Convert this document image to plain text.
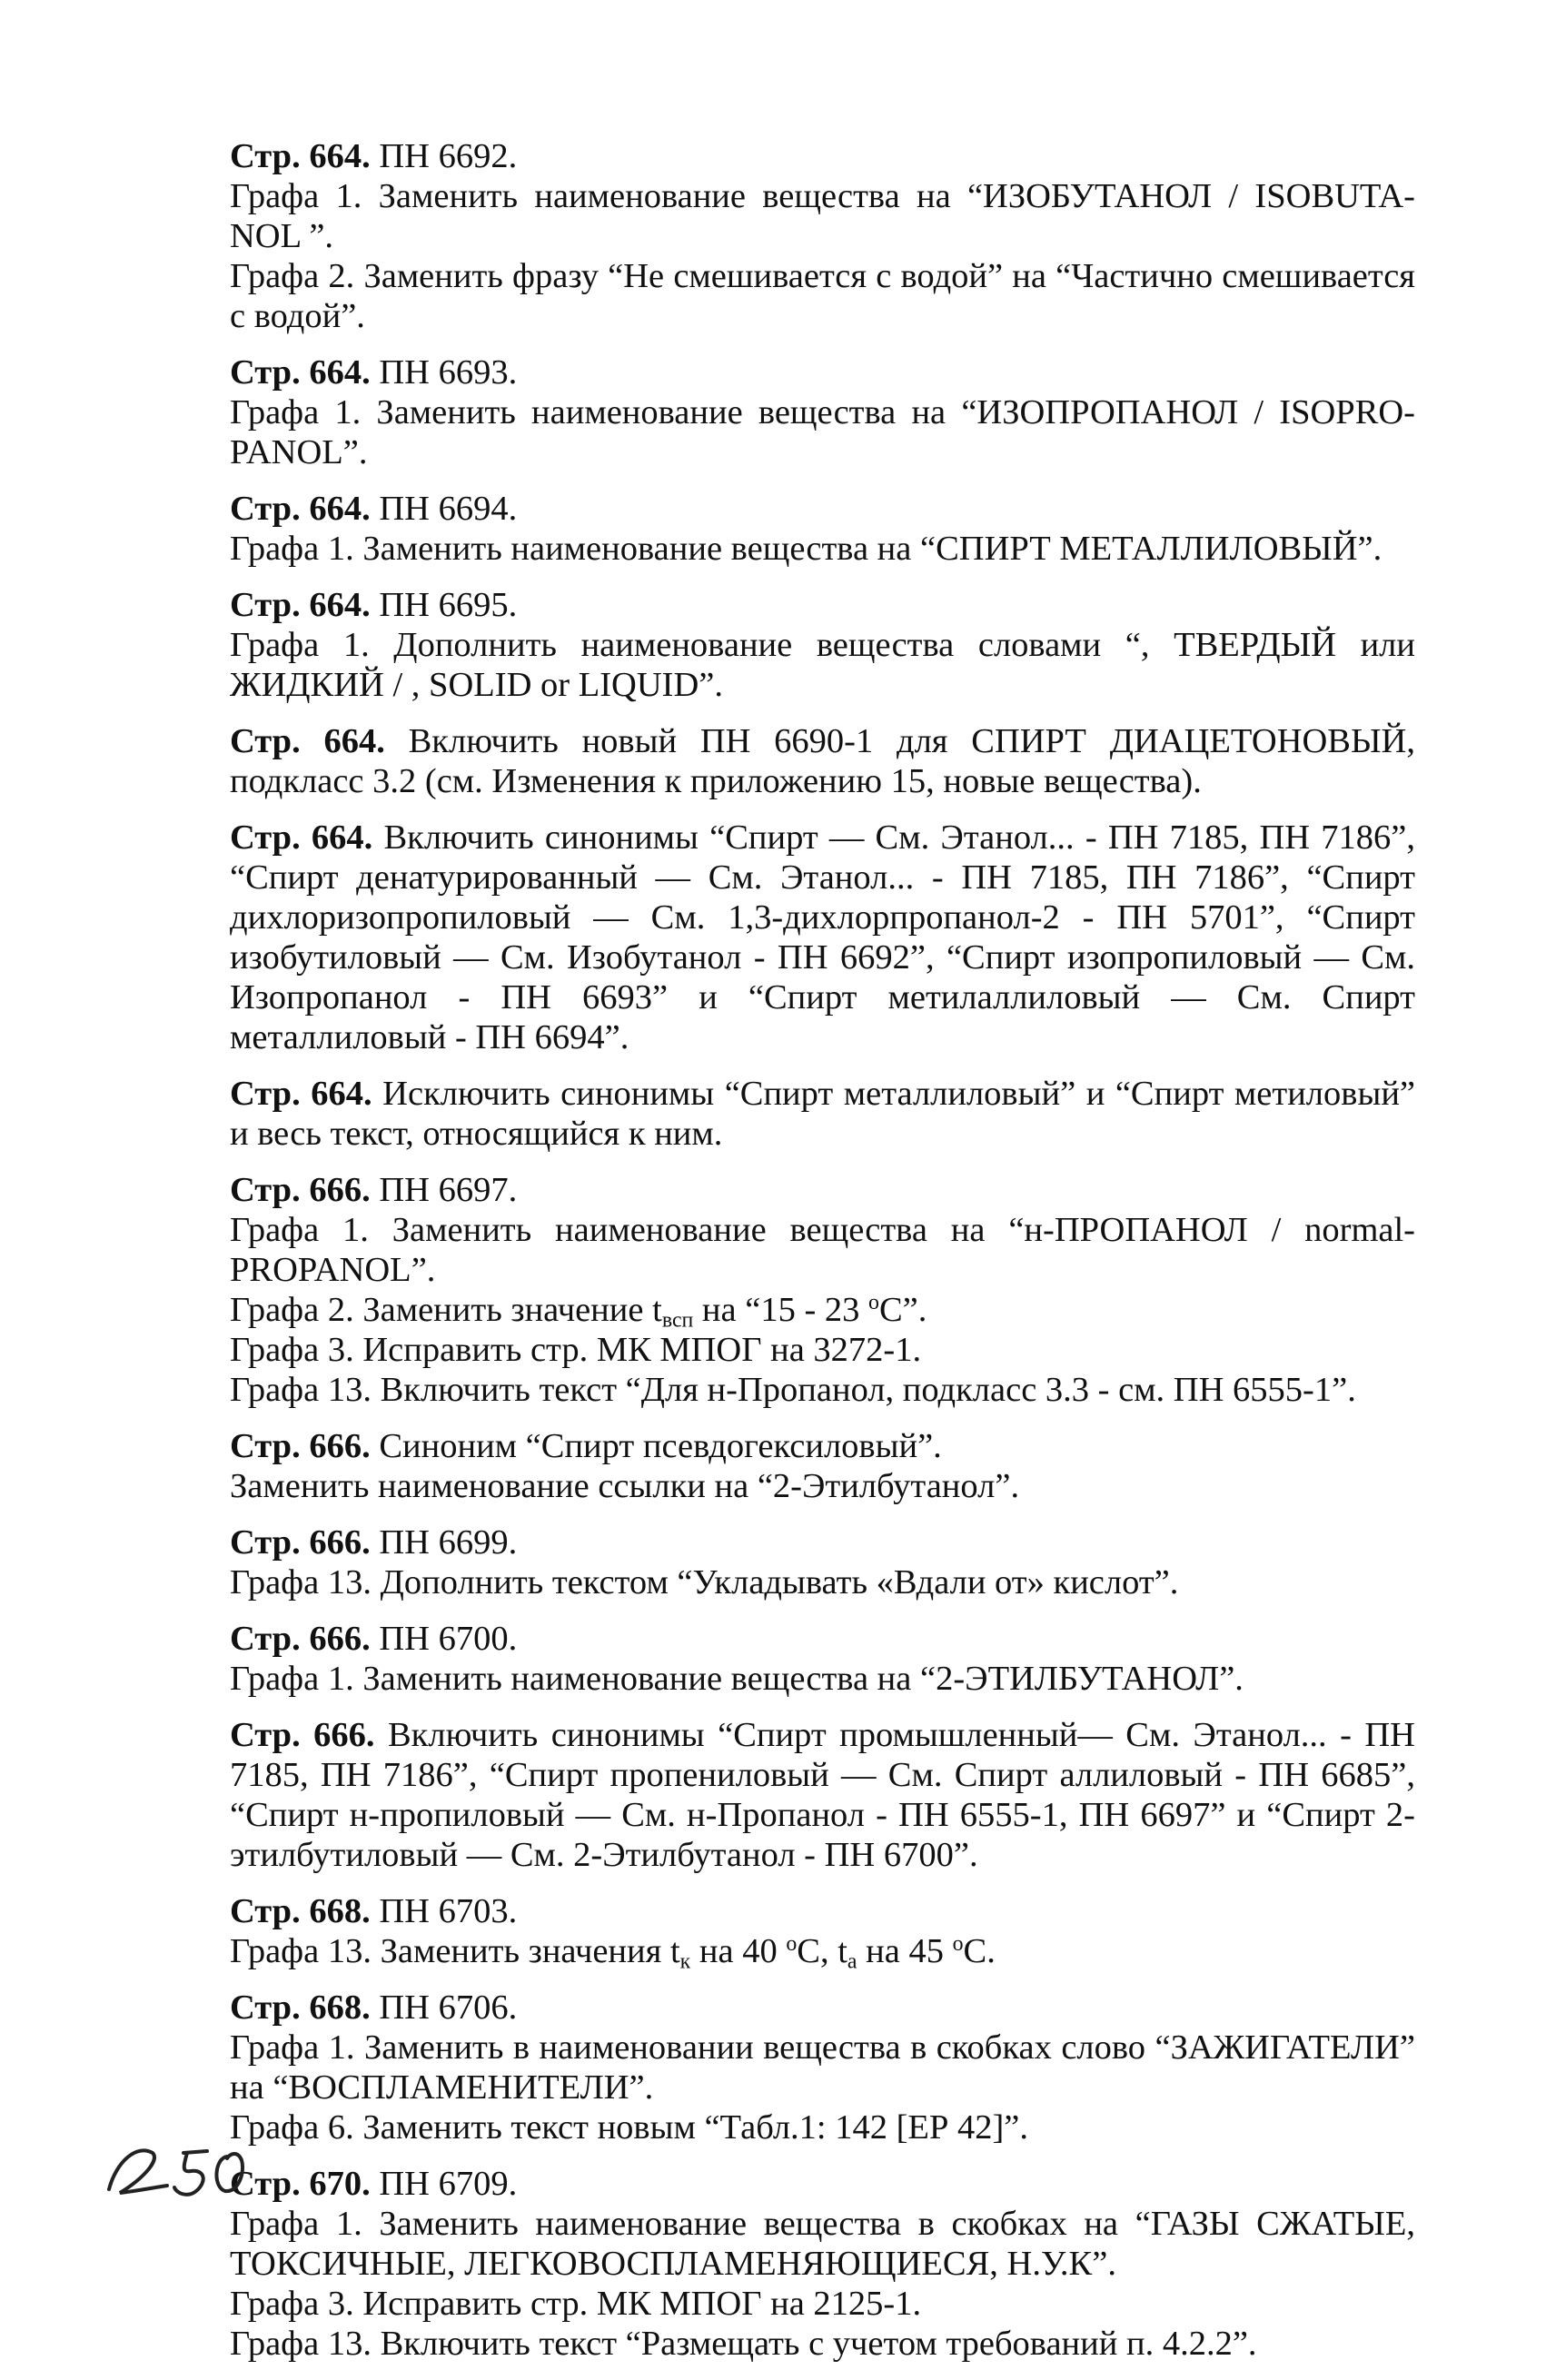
Стр. 664. ПН 6692.
Графа 1. Заменить наименование вещества на “ИЗОБУТАНОЛ / ISOBUTA-NOL ”.
Графа 2. Заменить фразу “Не смешивается с водой” на “Частично смешивается с водой”.
Стр. 664. ПН 6693.
Графа 1. Заменить наименование вещества на “ИЗОПРОПАНОЛ / ISOPRO-PANOL”.
Стр. 664. ПН 6694.
Графа 1. Заменить наименование вещества на “СПИРТ МЕТАЛЛИЛОВЫЙ”.
Стр. 664. ПН 6695.
Графа 1. Дополнить наименование вещества словами “, ТВЕРДЫЙ или ЖИДКИЙ / , SOLID or LIQUID”.
Стр. 664. Включить новый ПН 6690-1 для СПИРТ ДИАЦЕТОНОВЫЙ, подкласс 3.2 (см. Изменения к приложению 15, новые вещества).
Стр. 664. Включить синонимы “Спирт — См. Этанол... - ПН 7185, ПН 7186”, “Спирт денатурированный — См. Этанол... - ПН 7185, ПН 7186”, “Спирт дихлоризопропиловый — См. 1,3-дихлорпропанол-2 - ПН 5701”, “Спирт изобутиловый — См. Изобутанол - ПН 6692”, “Спирт изопропиловый — См. Изопропанол - ПН 6693” и “Спирт метилаллиловый — См. Спирт металлиловый - ПН 6694”.
Стр. 664. Исключить синонимы “Спирт металлиловый” и “Спирт метиловый” и весь текст, относящийся к ним.
Стр. 666. ПН 6697.
Графа 1. Заменить наименование вещества на “н-ПРОПАНОЛ / normal-PROPANOL”.
Графа 2. Заменить значение $t_{всп}$ на “15 - 23 $^o$С”.
Графа 3. Исправить стр. МК МПОГ на 3272-1.
Графа 13. Включить текст “Для н-Пропанол, подкласс 3.3 - см. ПН 6555-1”.
Стр. 666. Синоним “Спирт псевдогексиловый”.
Заменить наименование ссылки на “2-Этилбутанол”.
Стр. 666. ПН 6699.
Графа 13. Дополнить текстом “Укладывать «Вдали от» кислот”.
Стр. 666. ПН 6700.
Графа 1. Заменить наименование вещества на “2-ЭТИЛБУТАНОЛ”.
Стр. 666. Включить синонимы “Спирт промышленный— См. Этанол... - ПН 7185, ПН 7186”, “Спирт пропениловый — См. Спирт аллиловый - ПН 6685”, “Спирт н-пропиловый — См. н-Пропанол - ПН 6555-1, ПН 6697” и “Спирт 2-этилбутиловый — См. 2-Этилбутанол - ПН 6700”.
Стр. 668. ПН 6703.
Графа 13. Заменить значения $t_к$ на 40 $^o$С, $t_a$ на 45 $^o$С.
Стр. 668. ПН 6706.
Графа 1. Заменить в наименовании вещества в скобках слово “ЗАЖИГАТЕЛИ” на “ВОСПЛАМЕНИТЕЛИ”.
Графа 6. Заменить текст новым “Табл.1: 142 [ЕР 42]”.
Стр. 670. ПН 6709.
Графа 1. Заменить наименование вещества в скобках на “ГАЗЫ СЖАТЫЕ, ТОКСИЧНЫЕ, ЛЕГКОВОСПЛАМЕНЯЮЩИЕСЯ, Н.У.К”.
Графа 3. Исправить стр. МК МПОГ на 2125-1.
Графа 13. Включить текст “Размещать с учетом требований п. 4.2.2”.
